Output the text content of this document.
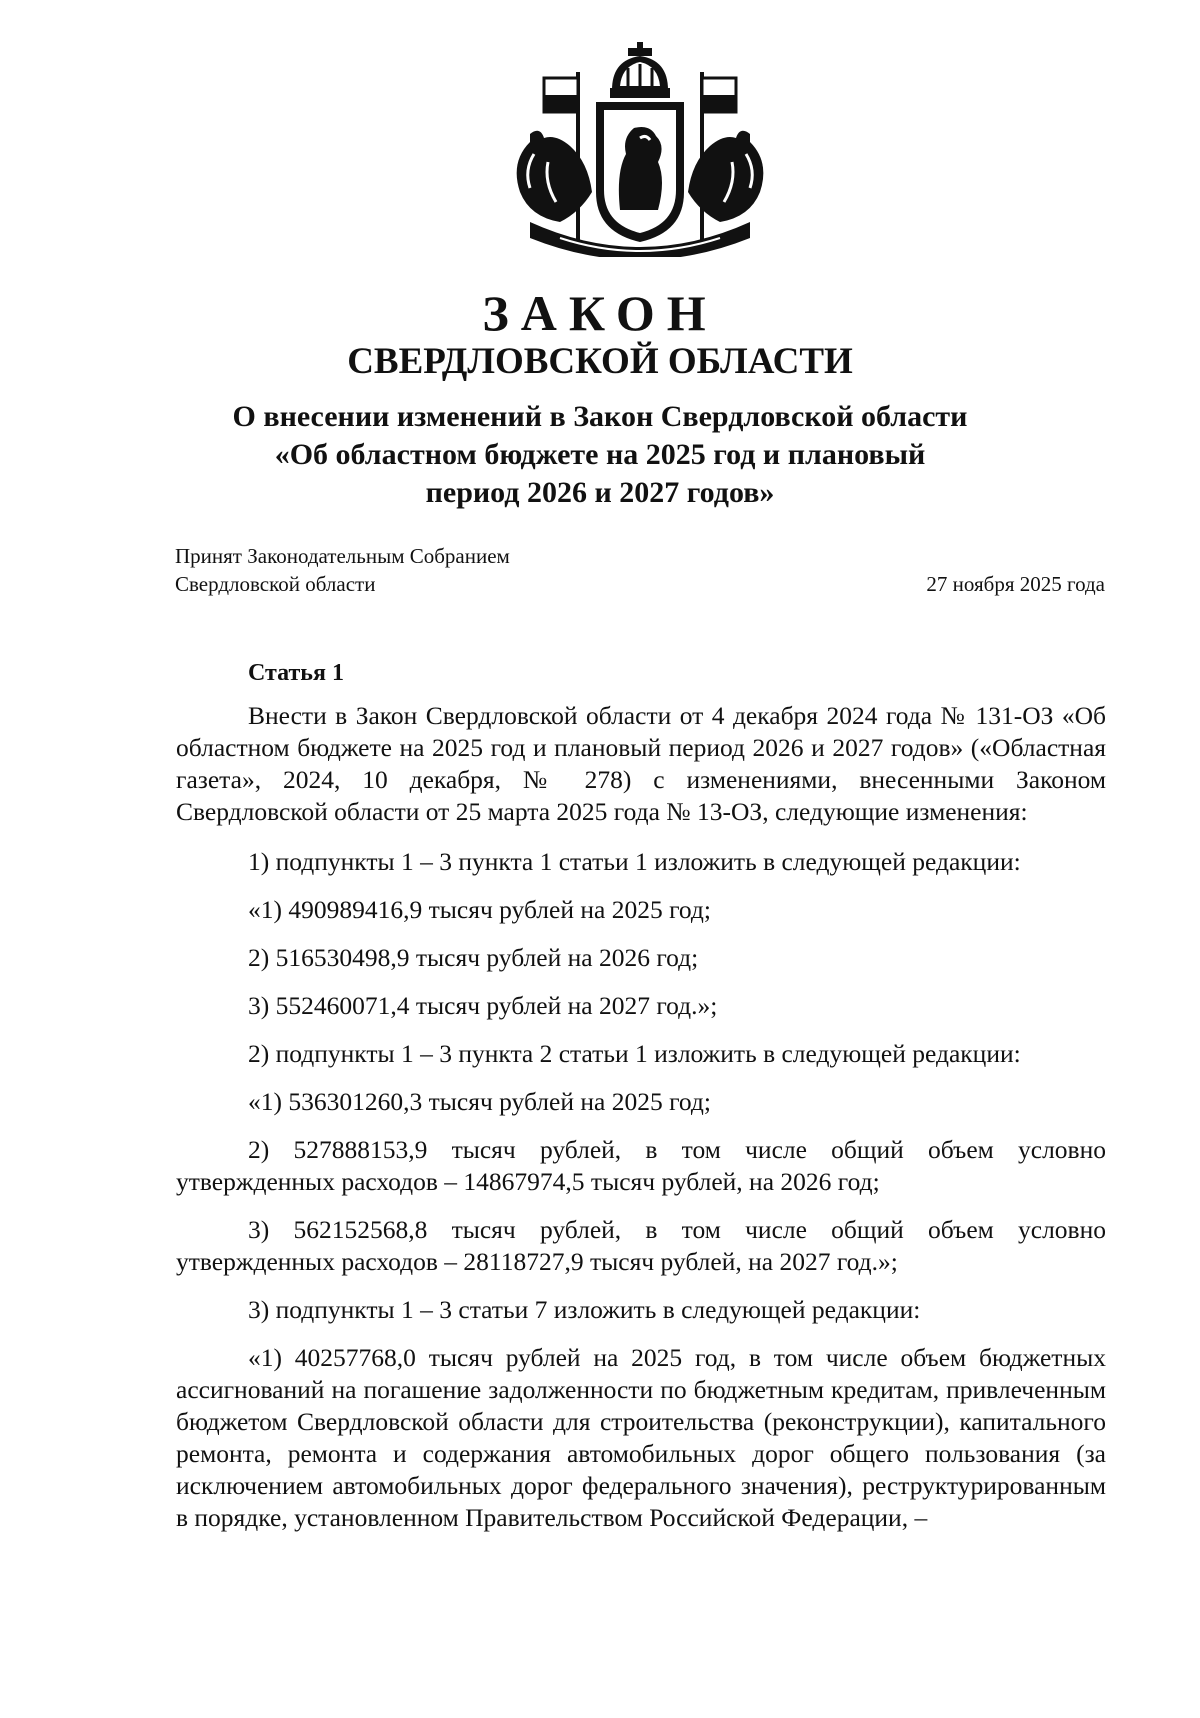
ЗАКОН
СВЕРДЛОВСКОЙ ОБЛАСТИ
О внесении изменений в Закон Свердловской области
«Об областном бюджете на 2025 год и плановый
период 2026 и 2027 годов»
Принят Законодательным Собранием
Свердловской области	27 ноября 2025 года
Статья 1

Внести в Закон Свердловской области от 4 декабря 2024 года № 131-ОЗ «Об областном бюджете на 2025 год и плановый период 2026 и 2027 годов» («Областная газета», 2024, 10 декабря, № 278) с изменениями, внесенными Законом Свердловской области от 25 марта 2025 года № 13-ОЗ, следующие изменения:

1) подпункты 1 – 3 пункта 1 статьи 1 изложить в следующей редакции:

«1) 490989416,9 тысяч рублей на 2025 год;

2) 516530498,9 тысяч рублей на 2026 год;

3) 552460071,4 тысяч рублей на 2027 год.»;

2) подпункты 1 – 3 пункта 2 статьи 1 изложить в следующей редакции:

«1) 536301260,3 тысяч рублей на 2025 год;

2) 527888153,9 тысяч рублей, в том числе общий объем условно утвержденных расходов – 14867974,5 тысяч рублей, на 2026 год;

3) 562152568,8 тысяч рублей, в том числе общий объем условно утвержденных расходов – 28118727,9 тысяч рублей, на 2027 год.»;

3) подпункты 1 – 3 статьи 7 изложить в следующей редакции:

«1) 40257768,0 тысяч рублей на 2025 год, в том числе объем бюджетных ассигнований на погашение задолженности по бюджетным кредитам, привлеченным бюджетом Свердловской области для строительства (реконструкции), капитального ремонта, ремонта и содержания автомобильных дорог общего пользования (за исключением автомобильных дорог федерального значения), реструктурированным в порядке, установленном Правительством Российской Федерации, –
